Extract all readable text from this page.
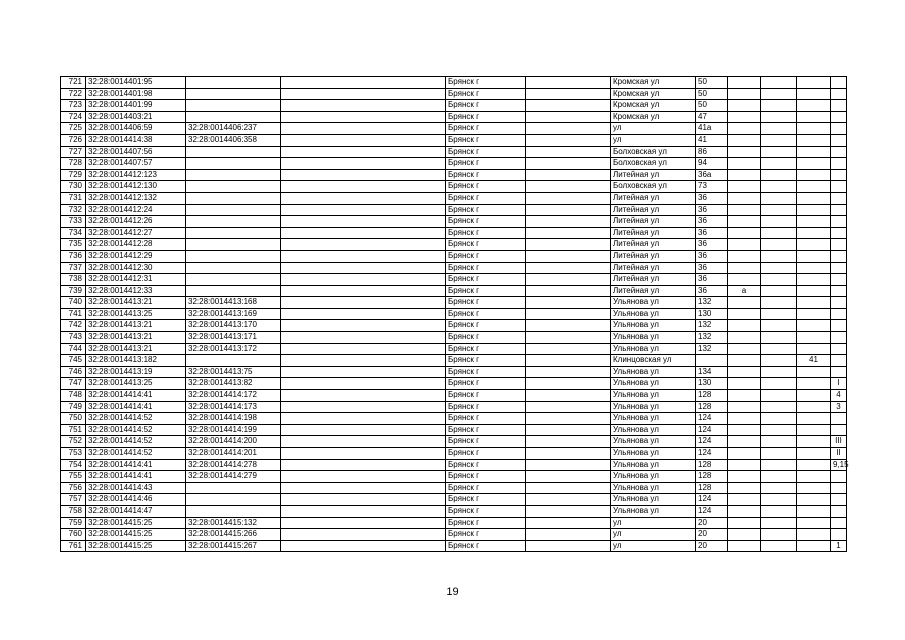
721	32:28:0014401:95			Брянск г		Кромская ул	50				
722	32:28:0014401:98			Брянск г		Кромская ул	50				
723	32:28:0014401:99			Брянск г		Кромская ул	50				
724	32:28:0014403:21			Брянск г		Кромская ул	47				
725	32:28:0014406:59	32:28:0014406:237		Брянск г		ул	41а				
726	32:28:0014414:38	32:28:0014406:358		Брянск г		ул	41				
727	32:28:0014407:56			Брянск г		Болховская ул	86				
728	32:28:0014407:57			Брянск г		Болховская ул	94				
729	32:28:0014412:123			Брянск г		Литейная ул	36а				
730	32:28:0014412:130			Брянск г		Болховская ул	73				
731	32:28:0014412:132			Брянск г		Литейная ул	36				
732	32:28:0014412:24			Брянск г		Литейная ул	36				
733	32:28:0014412:26			Брянск г		Литейная ул	36				
734	32:28:0014412:27			Брянск г		Литейная ул	36				
735	32:28:0014412:28			Брянск г		Литейная ул	36				
736	32:28:0014412:29			Брянск г		Литейная ул	36				
737	32:28:0014412:30			Брянск г		Литейная ул	36				
738	32:28:0014412:31			Брянск г		Литейная ул	36				
739	32:28:0014412:33			Брянск г		Литейная ул	36	а			
740	32:28:0014413:21	32:28:0014413:168		Брянск г		Ульянова ул	132				
741	32:28:0014413:25	32:28:0014413:169		Брянск г		Ульянова ул	130				
742	32:28:0014413:21	32:28:0014413:170		Брянск г		Ульянова ул	132				
743	32:28:0014413:21	32:28:0014413:171		Брянск г		Ульянова ул	132				
744	32:28:0014413:21	32:28:0014413:172		Брянск г		Ульянова ул	132				
745	32:28:0014413:182			Брянск г		Клинцовская ул				41	
746	32:28:0014413:19	32:28:0014413:75		Брянск г		Ульянова ул	134				
747	32:28:0014413:25	32:28:0014413:82		Брянск г		Ульянова ул	130				I
748	32:28:0014414:41	32:28:0014414:172		Брянск г		Ульянова ул	128				4
749	32:28:0014414:41	32:28:0014414:173		Брянск г		Ульянова ул	128				3
750	32:28:0014414:52	32:28:0014414:198		Брянск г		Ульянова ул	124				
751	32:28:0014414:52	32:28:0014414:199		Брянск г		Ульянова ул	124				
752	32:28:0014414:52	32:28:0014414:200		Брянск г		Ульянова ул	124				III
753	32:28:0014414:52	32:28:0014414:201		Брянск г		Ульянова ул	124				II
754	32:28:0014414:41	32:28:0014414:278		Брянск г		Ульянова ул	128				9,15
755	32:28:0014414:41	32:28:0014414:279		Брянск г		Ульянова ул	128				
756	32:28:0014414:43			Брянск г		Ульянова ул	128				
757	32:28:0014414:46			Брянск г		Ульянова ул	124				
758	32:28:0014414:47			Брянск г		Ульянова ул	124				
759	32:28:0014415:25	32:28:0014415:132		Брянск г		ул	20				
760	32:28:0014415:25	32:28:0014415:266		Брянск г		ул	20				
761	32:28:0014415:25	32:28:0014415:267		Брянск г		ул	20				1
19
